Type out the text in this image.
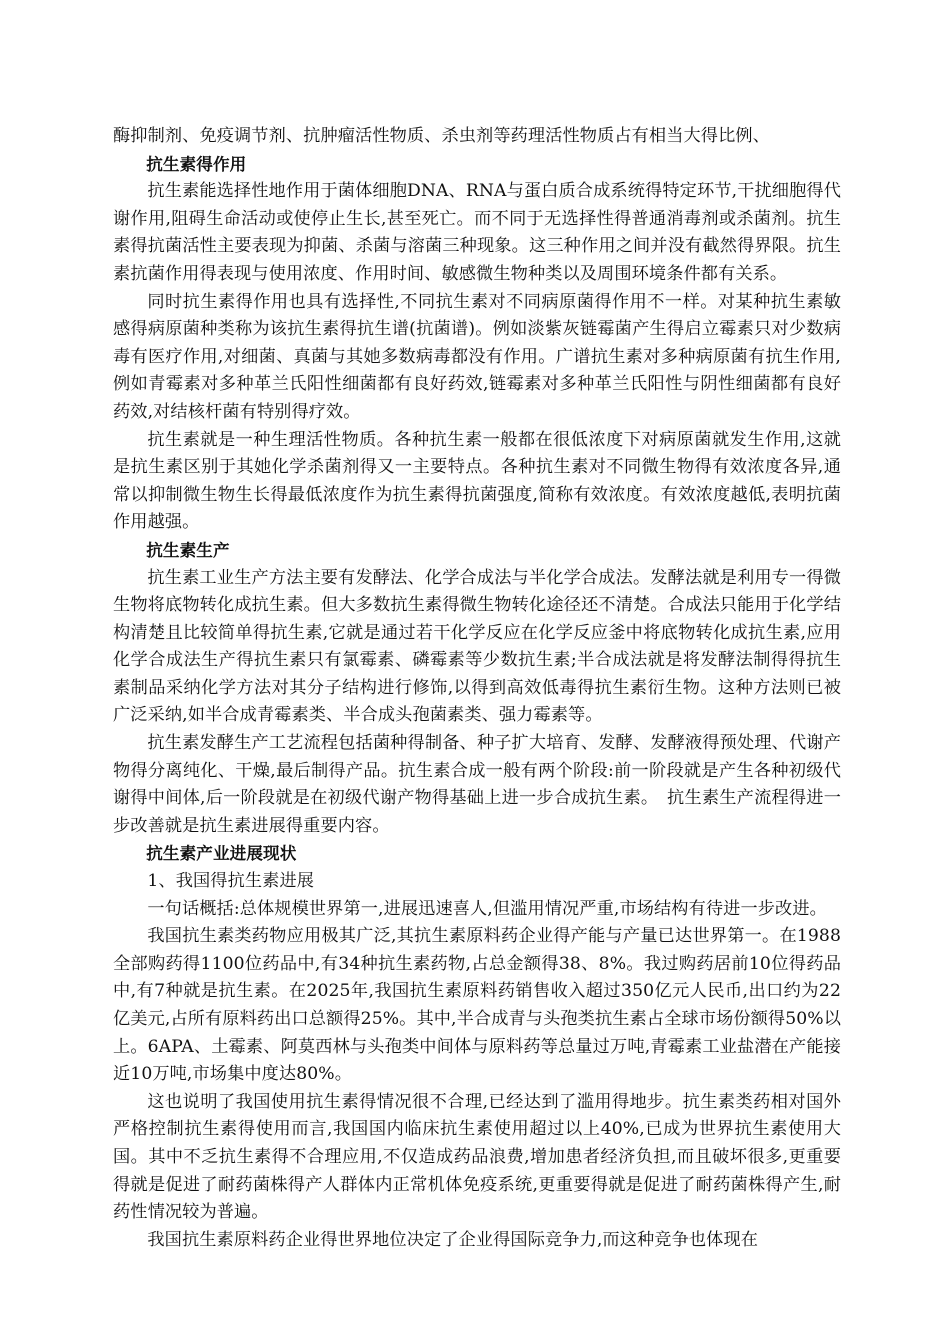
酶抑制剂、免疫调节剂、抗肿瘤活性物质、杀虫剂等药理活性物质占有相当大得比例、

抗生素得作用

抗生素能选择性地作用于菌体细胞DNA、RNA与蛋白质合成系统得特定环节,干扰细胞得代谢作用,阻碍生命活动或使停止生长,甚至死亡。而不同于无选择性得普通消毒剂或杀菌剂。抗生素得抗菌活性主要表现为抑菌、杀菌与溶菌三种现象。这三种作用之间并没有截然得界限。抗生素抗菌作用得表现与使用浓度、作用时间、敏感微生物种类以及周围环境条件都有关系。

同时抗生素得作用也具有选择性,不同抗生素对不同病原菌得作用不一样。对某种抗生素敏感得病原菌种类称为该抗生素得抗生谱(抗菌谱)。例如淡紫灰链霉菌产生得启立霉素只对少数病毒有医疗作用,对细菌、真菌与其她多数病毒都没有作用。广谱抗生素对多种病原菌有抗生作用,例如青霉素对多种革兰氏阳性细菌都有良好药效,链霉素对多种革兰氏阳性与阴性细菌都有良好药效,对结核杆菌有特别得疗效。

抗生素就是一种生理活性物质。各种抗生素一般都在很低浓度下对病原菌就发生作用,这就是抗生素区别于其她化学杀菌剂得又一主要特点。各种抗生素对不同微生物得有效浓度各异,通常以抑制微生物生长得最低浓度作为抗生素得抗菌强度,简称有效浓度。有效浓度越低,表明抗菌作用越强。

抗生素生产

抗生素工业生产方法主要有发酵法、化学合成法与半化学合成法。发酵法就是利用专一得微生物将底物转化成抗生素。但大多数抗生素得微生物转化途径还不清楚。合成法只能用于化学结构清楚且比较简单得抗生素,它就是通过若干化学反应在化学反应釜中将底物转化成抗生素,应用化学合成法生产得抗生素只有氯霉素、磷霉素等少数抗生素;半合成法就是将发酵法制得得抗生素制品采纳化学方法对其分子结构进行修饰,以得到高效低毒得抗生素衍生物。这种方法则已被广泛采纳,如半合成青霉素类、半合成头孢菌素类、强力霉素等。

抗生素发酵生产工艺流程包括菌种得制备、种子扩大培育、发酵、发酵液得预处理、代谢产物得分离纯化、干燥,最后制得产品。抗生素合成一般有两个阶段:前一阶段就是产生各种初级代谢得中间体,后一阶段就是在初级代谢产物得基础上进一步合成抗生素。　抗生素生产流程得进一步改善就是抗生素进展得重要内容。

抗生素产业进展现状

1、我国得抗生素进展

一句话概括:总体规模世界第一,进展迅速喜人,但滥用情况严重,市场结构有待进一步改进。

我国抗生素类药物应用极其广泛,其抗生素原料药企业得产能与产量已达世界第一。在1988全部购药得1100位药品中,有34种抗生素药物,占总金额得38、8%。我过购药居前10位得药品中,有7种就是抗生素。在2025年,我国抗生素原料药销售收入超过350亿元人民币,出口约为22亿美元,占所有原料药出口总额得25%。其中,半合成青与头孢类抗生素占全球市场份额得50%以上。6APA、土霉素、阿莫西林与头孢类中间体与原料药等总量过万吨,青霉素工业盐潜在产能接近10万吨,市场集中度达80%。

这也说明了我国使用抗生素得情况很不合理,已经达到了滥用得地步。抗生素类药相对国外严格控制抗生素得使用而言,我国国内临床抗生素使用超过以上40%,已成为世界抗生素使用大国。其中不乏抗生素得不合理应用,不仅造成药品浪费,增加患者经济负担,而且破坏很多,更重要得就是促进了耐药菌株得产人群体内正常机体免疫系统,更重要得就是促进了耐药菌株得产生,耐药性情况较为普遍。

我国抗生素原料药企业得世界地位决定了企业得国际竞争力,而这种竞争也体现在
